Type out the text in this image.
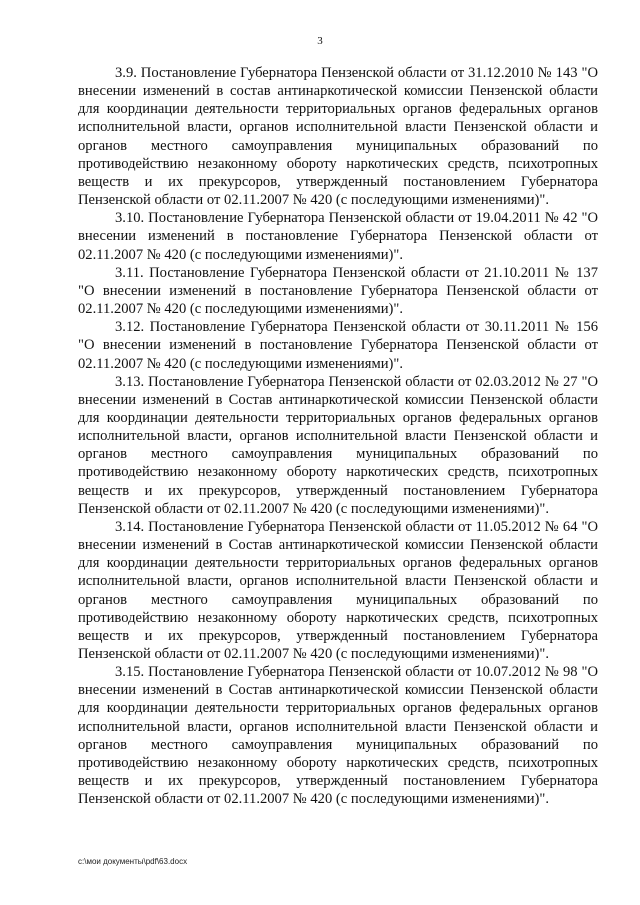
3

3.9. Постановление Губернатора Пензенской области от 31.12.2010 № 143 "О внесении изменений в состав антинаркотической комиссии Пензенской области для координации деятельности территориальных органов федеральных органов исполнительной власти, органов исполнительной власти Пензенской области и органов местного самоуправления муниципальных образований по противодействию незаконному обороту наркотических средств, психотропных веществ и их прекурсоров, утвержденный постановлением Губернатора Пензенской области от 02.11.2007 № 420 (с последующими изменениями)".

3.10. Постановление Губернатора Пензенской области от 19.04.2011 № 42 "О внесении изменений в постановление Губернатора Пензенской области от 02.11.2007 № 420 (с последующими изменениями)".

3.11. Постановление Губернатора Пензенской области от 21.10.2011 № 137 "О внесении изменений в постановление Губернатора Пензенской области от 02.11.2007 № 420 (с последующими изменениями)".

3.12. Постановление Губернатора Пензенской области от 30.11.2011 № 156 "О внесении изменений в постановление Губернатора Пензенской области от 02.11.2007 № 420 (с последующими изменениями)".

3.13. Постановление Губернатора Пензенской области от 02.03.2012 № 27 "О внесении изменений в Состав антинаркотической комиссии Пензенской области для координации деятельности территориальных органов федеральных органов исполнительной власти, органов исполнительной власти Пензенской области и органов местного самоуправления муниципальных образований по противодействию незаконному обороту наркотических средств, психотропных веществ и их прекурсоров, утвержденный постановлением Губернатора Пензенской области от 02.11.2007 № 420 (с последующими изменениями)".

3.14. Постановление Губернатора Пензенской области от 11.05.2012 № 64 "О внесении изменений в Состав антинаркотической комиссии Пензенской области для координации деятельности территориальных органов федеральных органов исполнительной власти, органов исполнительной власти Пензенской области и органов местного самоуправления муниципальных образований по противодействию незаконному обороту наркотических средств, психотропных веществ и их прекурсоров, утвержденный постановлением Губернатора Пензенской области от 02.11.2007 № 420 (с последующими изменениями)".

3.15. Постановление Губернатора Пензенской области от 10.07.2012 № 98 "О внесении изменений в Состав антинаркотической комиссии Пензенской области для координации деятельности территориальных органов федеральных органов исполнительной власти, органов исполнительной власти Пензенской области и органов местного самоуправления муниципальных образований по противодействию незаконному обороту наркотических средств, психотропных веществ и их прекурсоров, утвержденный постановлением Губернатора Пензенской области от 02.11.2007 № 420 (с последующими изменениями)".

c:\мои документы\pdf\63.docx
